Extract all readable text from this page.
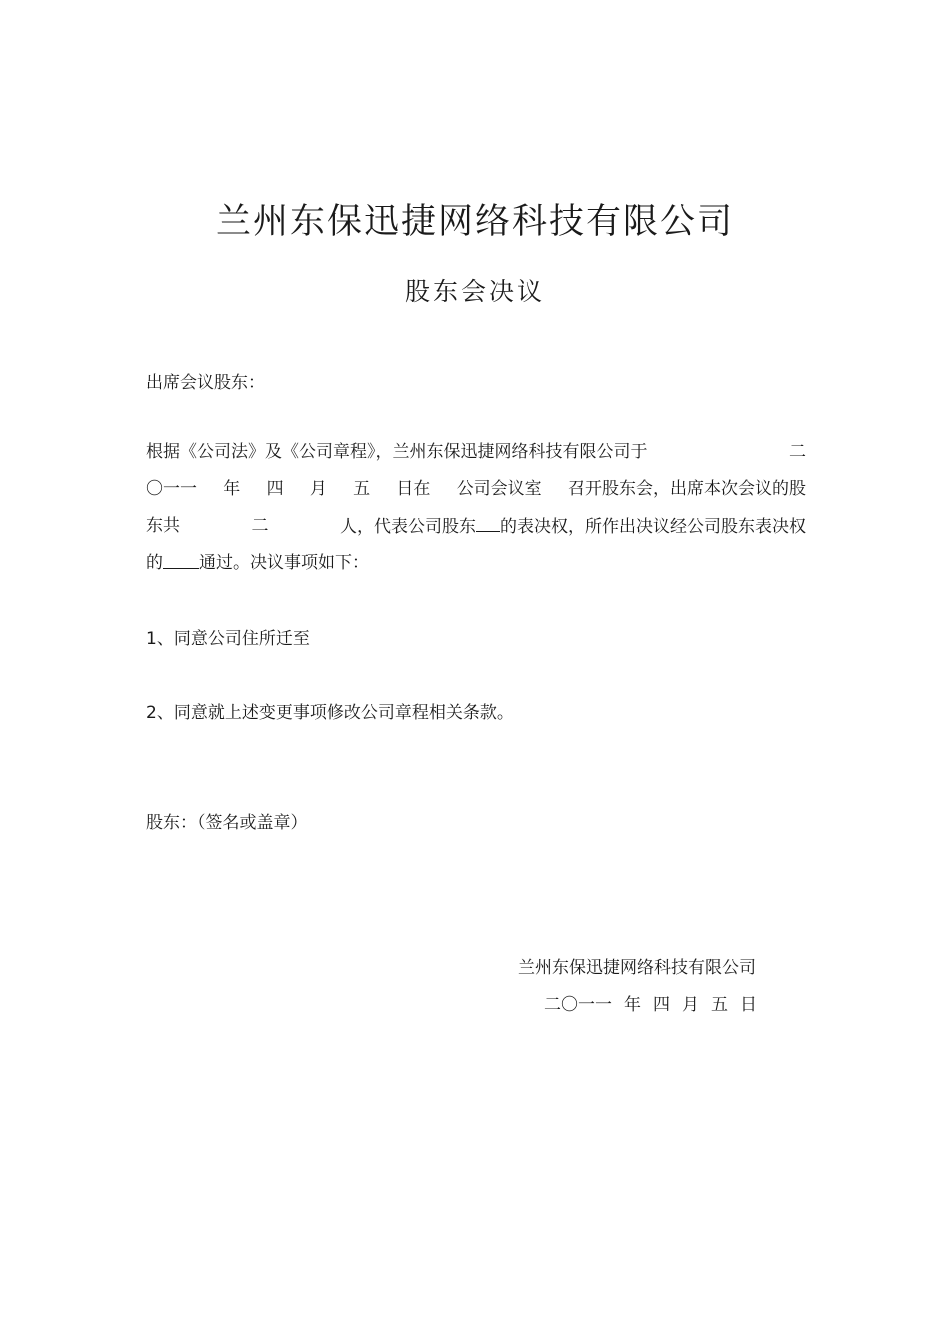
兰州东保迅捷网络科技有限公司
股东会决议
出席会议股东：
根据《公司法》及《公司章程》，兰州东保迅捷网络科技有限公司于	二
〇一一 年 四 月 五 日在 公司会议室 召开股东会，出席本次会议的股
东共	二	人，代表公司股东 的表决权，所作出决议经公司股东表决权
的 通过。决议事项如下：
1、同意公司住所迁至
2、同意就上述变更事项修改公司章程相关条款。
股东：（签名或盖章）
兰州东保迅捷网络科技有限公司
二〇一一 年 四 月 五 日
